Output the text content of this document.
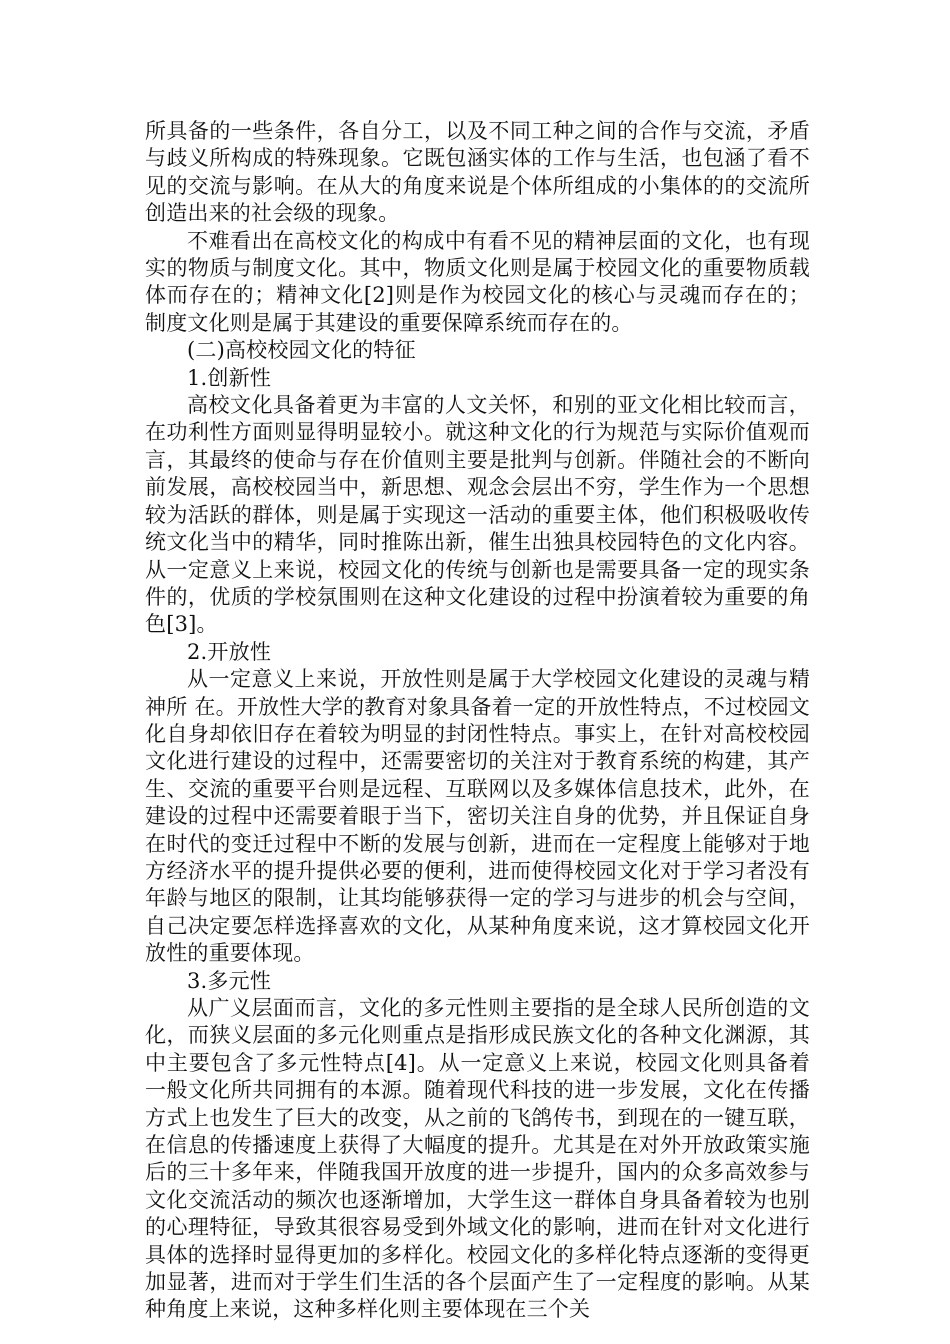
所具备的一些条件，各自分工，以及不同工种之间的合作与交流，矛盾与歧义所构成的特殊现象。它既包涵实体的工作与生活，也包涵了看不见的交流与影响。在从大的角度来说是个体所组成的小集体的的交流所创造出来的社会级的现象。

不难看出在高校文化的构成中有看不见的精神层面的文化，也有现实的物质与制度文化。其中，物质文化则是属于校园文化的重要物质载体而存在的；精神文化[2]则是作为校园文化的核心与灵魂而存在的；制度文化则是属于其建设的重要保障系统而存在的。

(二)高校校园文化的特征

1.创新性

高校文化具备着更为丰富的人文关怀，和别的亚文化相比较而言，在功利性方面则显得明显较小。就这种文化的行为规范与实际价值观而言，其最终的使命与存在价值则主要是批判与创新。伴随社会的不断向前发展，高校校园当中，新思想、观念会层出不穷，学生作为一个思想较为活跃的群体，则是属于实现这一活动的重要主体，他们积极吸收传统文化当中的精华，同时推陈出新，催生出独具校园特色的文化内容。从一定意义上来说，校园文化的传统与创新也是需要具备一定的现实条件的，优质的学校氛围则在这种文化建设的过程中扮演着较为重要的角色[3]。

2.开放性

从一定意义上来说，开放性则是属于大学校园文化建设的灵魂与精神所 在。开放性大学的教育对象具备着一定的开放性特点，不过校园文化自身却依旧存在着较为明显的封闭性特点。事实上，在针对高校校园文化进行建设的过程中，还需要密切的关注对于教育系统的构建，其产生、交流的重要平台则是远程、互联网以及多媒体信息技术，此外，在建设的过程中还需要着眼于当下，密切关注自身的优势，并且保证自身在时代的变迁过程中不断的发展与创新，进而在一定程度上能够对于地方经济水平的提升提供必要的便利，进而使得校园文化对于学习者没有年龄与地区的限制，让其均能够获得一定的学习与进步的机会与空间，自己决定要怎样选择喜欢的文化，从某种角度来说，这才算校园文化开放性的重要体现。

3.多元性

从广义层面而言，文化的多元性则主要指的是全球人民所创造的文化，而狭义层面的多元化则重点是指形成民族文化的各种文化渊源，其中主要包含了多元性特点[4]。从一定意义上来说，校园文化则具备着一般文化所共同拥有的本源。随着现代科技的进一步发展，文化在传播方式上也发生了巨大的改变，从之前的飞鸽传书，到现在的一键互联，在信息的传播速度上获得了大幅度的提升。尤其是在对外开放政策实施后的三十多年来，伴随我国开放度的进一步提升，国内的众多高效参与文化交流活动的频次也逐渐增加，大学生这一群体自身具备着较为也别的心理特征，导致其很容易受到外域文化的影响，进而在针对文化进行具体的选择时显得更加的多样化。校园文化的多样化特点逐渐的变得更加显著，进而对于学生们生活的各个层面产生了一定程度的影响。从某种角度上来说，这种多样化则主要体现在三个关
